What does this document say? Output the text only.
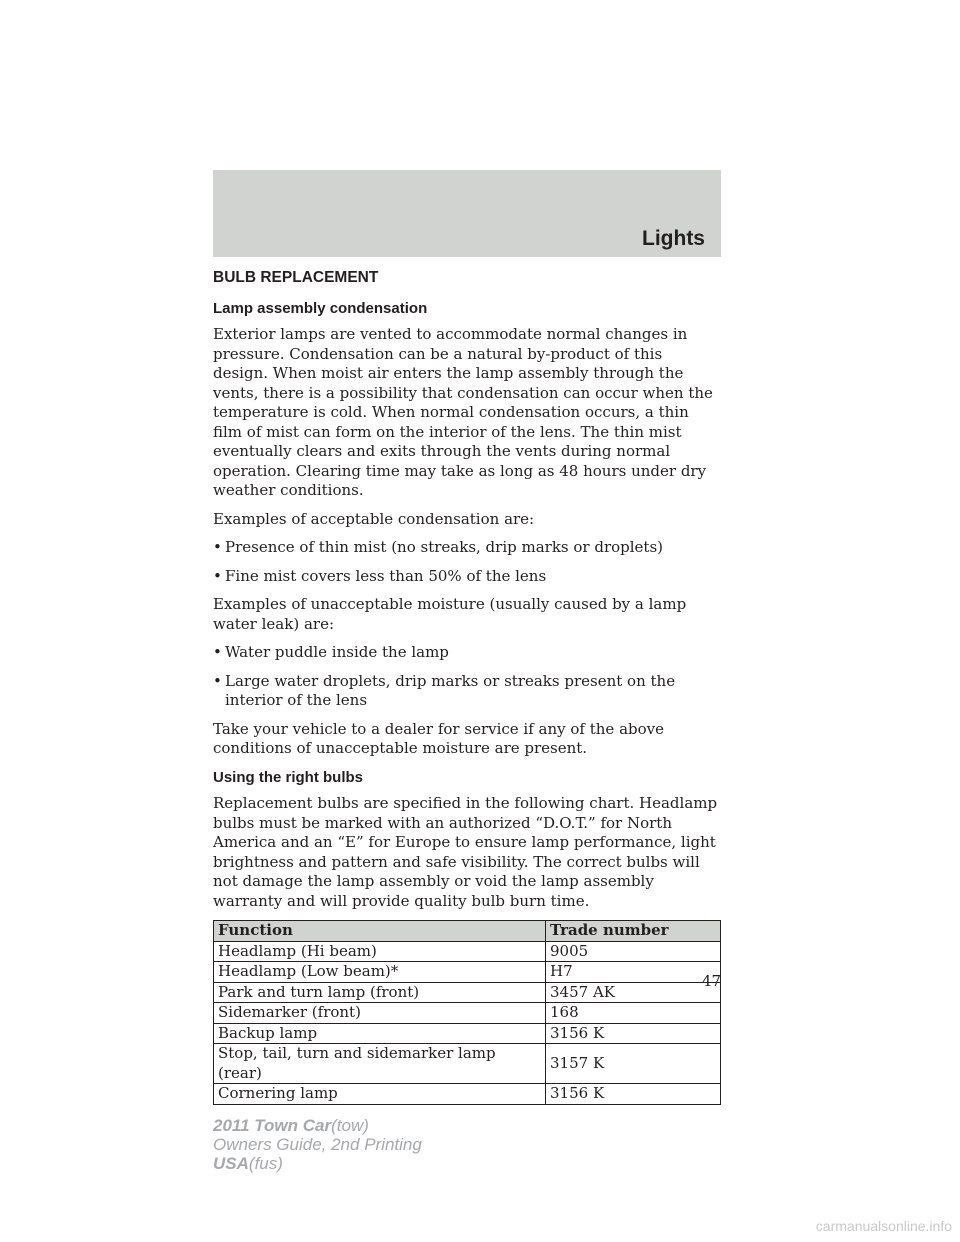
Lights
BULB REPLACEMENT
Lamp assembly condensation

Exterior lamps are vented to accommodate normal changes in pressure. Condensation can be a natural by-product of this design. When moist air enters the lamp assembly through the vents, there is a possibility that condensation can occur when the temperature is cold. When normal condensation occurs, a thin film of mist can form on the interior of the lens. The thin mist eventually clears and exits through the vents during normal operation. Clearing time may take as long as 48 hours under dry weather conditions.

Examples of acceptable condensation are:

• Presence of thin mist (no streaks, drip marks or droplets)
• Fine mist covers less than 50% of the lens

Examples of unacceptable moisture (usually caused by a lamp water leak) are:

• Water puddle inside the lamp
• Large water droplets, drip marks or streaks present on the interior of the lens

Take your vehicle to a dealer for service if any of the above conditions of unacceptable moisture are present.

Using the right bulbs

Replacement bulbs are specified in the following chart. Headlamp bulbs must be marked with an authorized “D.O.T.” for North America and an “E” for Europe to ensure lamp performance, light brightness and pattern and safe visibility. The correct bulbs will not damage the lamp assembly or void the lamp assembly warranty and will provide quality bulb burn time.

Function	Trade number
Headlamp (Hi beam)	9005
Headlamp (Low beam)*	H7
Park and turn lamp (front)	3457 AK
Sidemarker (front)	168
Backup lamp	3156 K
Stop, tail, turn and sidemarker lamp (rear)	3157 K
Cornering lamp	3156 K
47
2011 Town Car(tow)
Owners Guide, 2nd Printing
USA(fus)
carmanualsonline.info
